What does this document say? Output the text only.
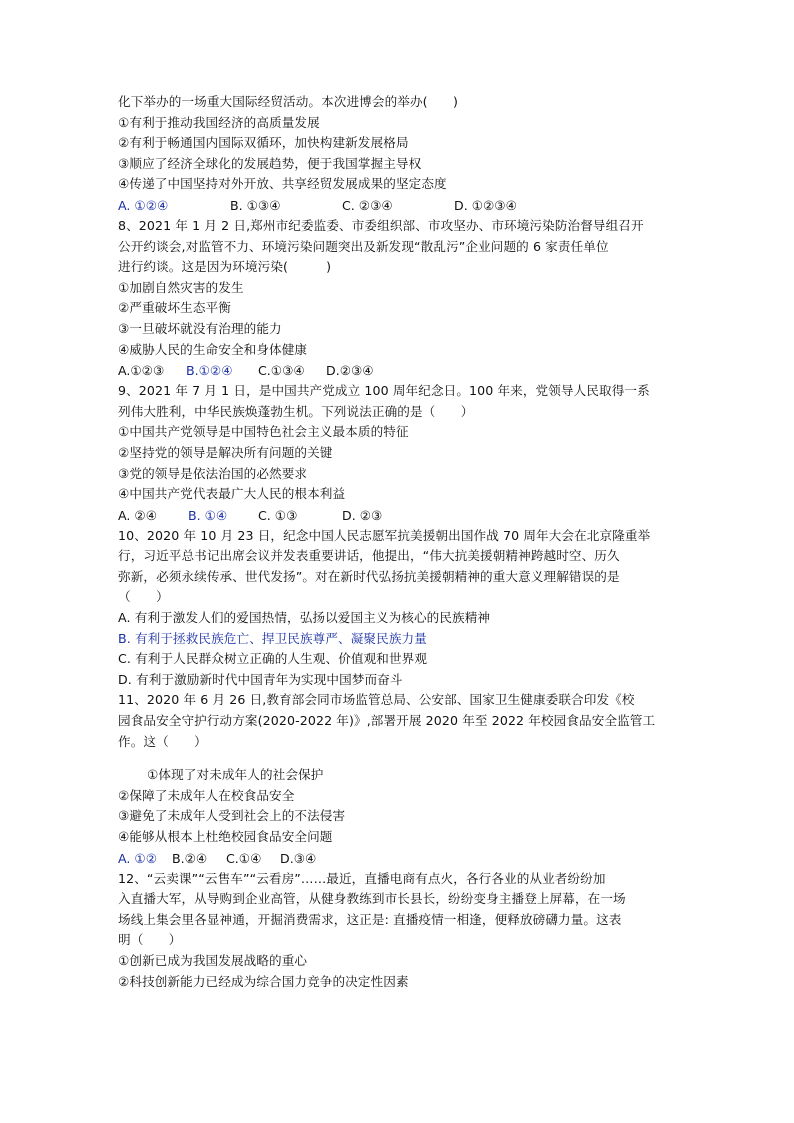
化下举办的一场重大国际经贸活动。本次进博会的举办(　　)
①有利于推动我国经济的高质量发展
②有利于畅通国内国际双循环，加快构建新发展格局
③顺应了经济全球化的发展趋势，便于我国掌握主导权
④传递了中国坚持对外开放、共享经贸发展成果的坚定态度
A. ①②④	B. ①③④	C. ②③④	D. ①②③④
8、2021 年 1 月 2 日,郑州市纪委监委、市委组织部、市攻坚办、市环境污染防治督导组召开
公开约谈会,对监管不力、环境污染问题突出及新发现“散乱污”企业问题的 6 家责任单位
进行约谈。这是因为环境污染(　　　)
①加剧自然灾害的发生
②严重破坏生态平衡
③一旦破坏就没有治理的能力
④威胁人民的生命安全和身体健康
A.①②③	B.①②④	C.①③④	D.②③④
9、2021 年 7 月 1 日，是中国共产党成立 100 周年纪念日。100 年来，党领导人民取得一系
列伟大胜利，中华民族焕蓬勃生机。下列说法正确的是（　　）
①中国共产党领导是中国特色社会主义最本质的特征
②坚持党的领导是解决所有问题的关键
③党的领导是依法治国的必然要求
④中国共产党代表最广大人民的根本利益
A. ②④	B. ①④	C. ①③	D. ②③
10、2020 年 10 月 23 日，纪念中国人民志愿军抗美援朝出国作战 70 周年大会在北京隆重举
行，习近平总书记出席会议并发表重要讲话，他提出，“伟大抗美援朝精神跨越时空、历久
弥新，必须永续传承、世代发扬”。对在新时代弘扬抗美援朝精神的重大意义理解错误的是
（　　）
A. 有利于激发人们的爱国热情，弘扬以爱国主义为核心的民族精神
B. 有利于拯救民族危亡、捍卫民族尊严、凝聚民族力量
C. 有利于人民群众树立正确的人生观、价值观和世界观
D. 有利于激励新时代中国青年为实现中国梦而奋斗
11、2020 年 6 月 26 日,教育部会同市场监管总局、公安部、国家卫生健康委联合印发《校
园食品安全守护行动方案(2020-2022 年)》,部署开展 2020 年至 2022 年校园食品安全监管工
作。这（　　）
①体现了对未成年人的社会保护
②保障了未成年人在校食品安全
③避免了未成年人受到社会上的不法侵害
④能够从根本上杜绝校园食品安全问题
A. ①②	B.②④	C.①④	D.③④
12、“云卖课”“云售车”“云看房”……最近，直播电商有点火，各行各业的从业者纷纷加
入直播大军，从导购到企业高管，从健身教练到市长县长，纷纷变身主播登上屏幕，在一场
场线上集会里各显神通，开掘消费需求，这正是: 直播疫情一相逢，便释放磅礴力量。这表
明（　　）
①创新已成为我国发展战略的重心
②科技创新能力已经成为综合国力竞争的决定性因素
